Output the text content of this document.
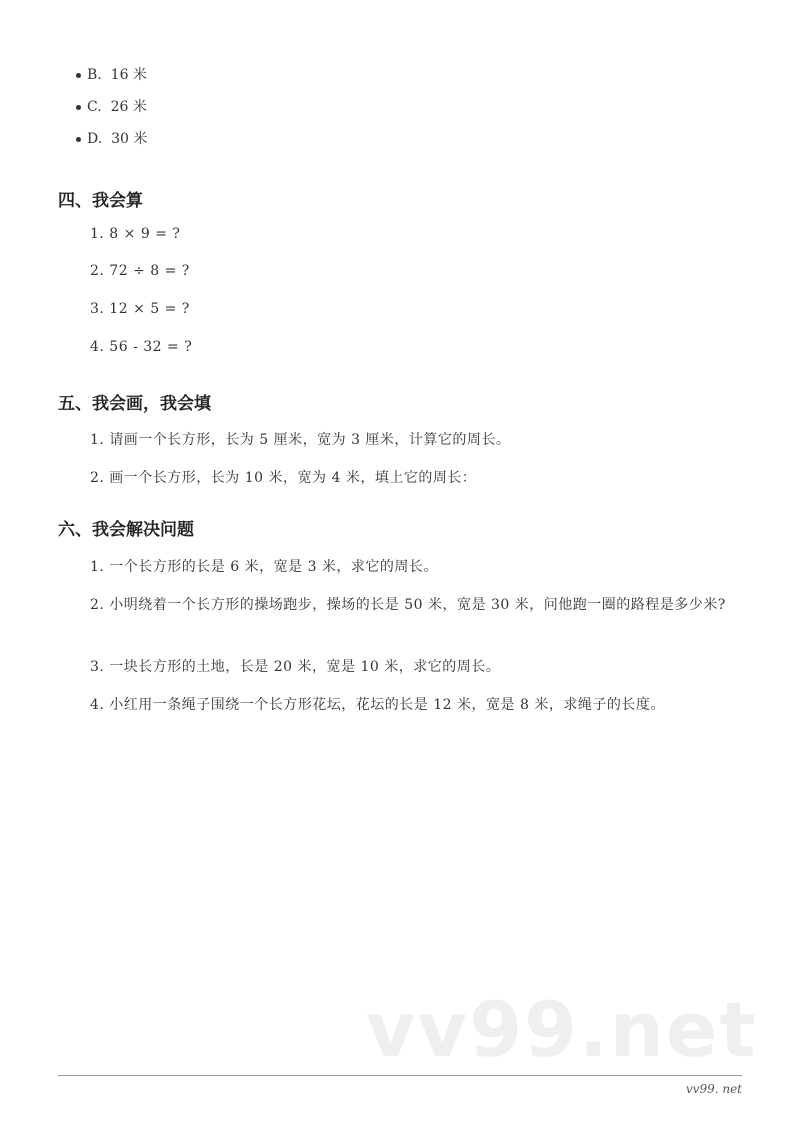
B. 16 米
C. 26 米
D. 30 米
四、我会算
1. 8 × 9 = ?
2. 72 ÷ 8 = ?
3. 12 × 5 = ?
4. 56 - 32 = ?
五、我会画，我会填
1. 请画一个长方形，长为 5 厘米，宽为 3 厘米，计算它的周长。
2. 画一个长方形，长为 10 米，宽为 4 米，填上它的周长：
六、我会解决问题
1. 一个长方形的长是 6 米，宽是 3 米，求它的周长。
2. 小明绕着一个长方形的操场跑步，操场的长是 50 米，宽是 30 米，问他跑一圈的路程是多少米?
3. 一块长方形的土地，长是 20 米，宽是 10 米，求它的周长。
4. 小红用一条绳子围绕一个长方形花坛，花坛的长是 12 米，宽是 8 米，求绳子的长度。
vv99.net
vv99. net
